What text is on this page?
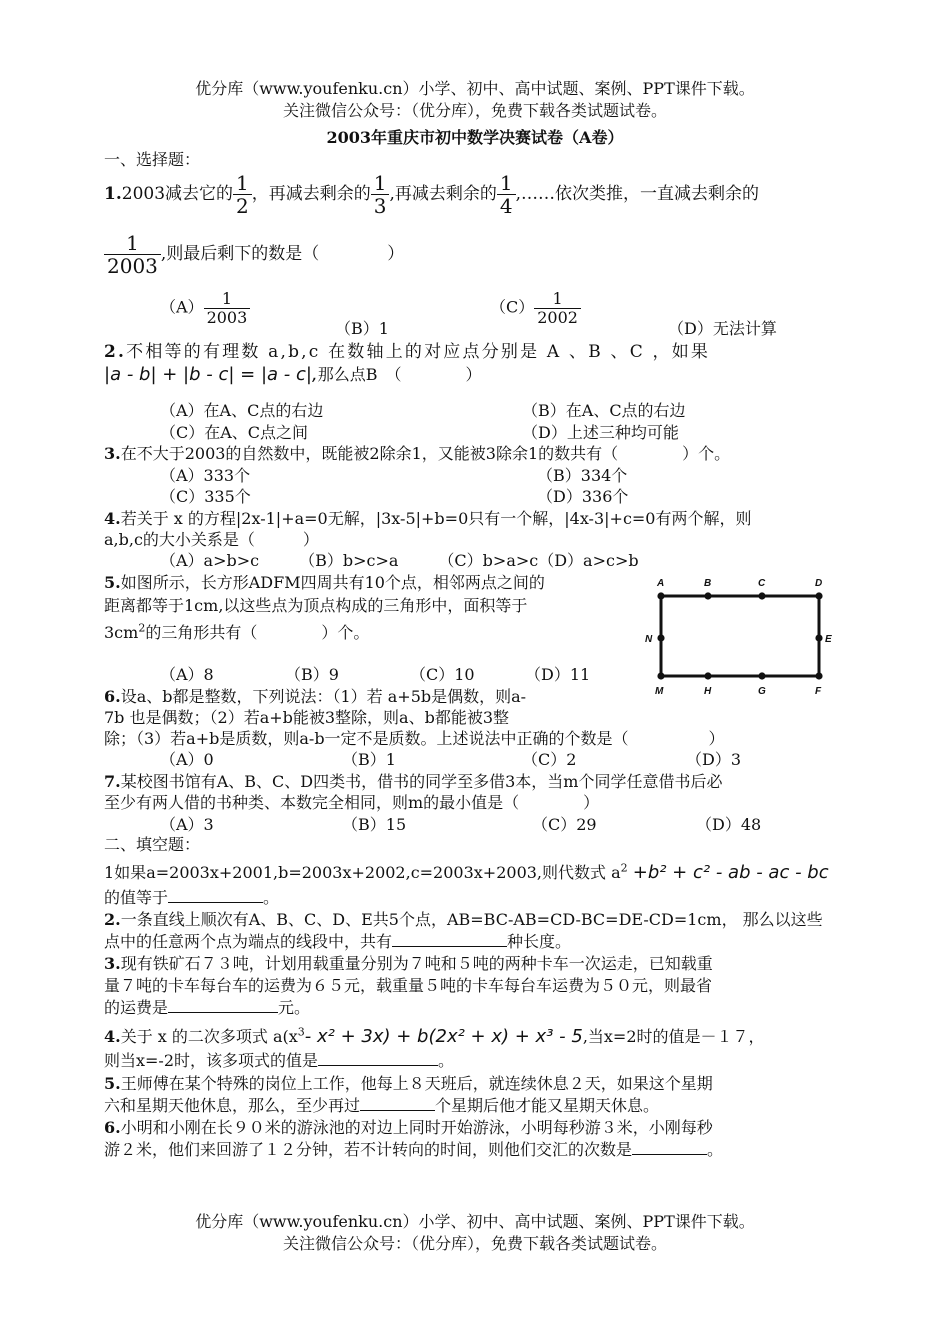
优分库（www.youfenku.cn）小学、初中、高中试题、案例、PPT课件下载。
关注微信公众号：（优分库），免费下载各类试题试卷。
2003年重庆市初中数学决赛试卷（A卷）
一、选择题：
1.2003减去它的 $\frac{1}{2}$ ，再减去剩余的 $\frac{1}{3}$ ,再减去剩余的 $\frac{1}{4}$ ,……依次类推，一直减去剩余的
$\frac{1}{2003}$ ,则最后剩下的数是（　　　　）
$(A) \frac{1}{2003}$
（B）1
$(C) \frac{1}{2002}$
（D）无法计算
2.不相等的有理数 a,b,c 在数轴上的对应点分别是 A 、B 、C ，如果
|a - b| + |b - c| = |a - c|,那么点B　（　　　　）
（A）在A、C点的右边	（B）在A、C点的右边
（C）在A、C点之间	（D）上述三种均可能
3.在不大于2003的自然数中，既能被2除余1，又能被3除余1的数共有（　　　　）个。
（A）333个	（B）334个
（C）335个	（D）336个
4.若关于 x 的方程|2x-1|+a=0无解，|3x-5|+b=0只有一个解，|4x-3|+c=0有两个解，则
a,b,c的大小关系是（　　　）
（A）a>b>c　　　（B）b>c>a　　　（C）b>a>c（D）a>c>b
5.如图所示，长方形ADFM四周共有10个点，相邻两点之间的
距离都等于1cm,以这些点为顶点构成的三角形中，面积等于
$3cm^2$的三角形共有（　　　　）个。
（A）8	（B）9	（C）10	（D）11
A	B	C	D
E
N
M	H	G	F
6.设a、b都是整数，下列说法：（1）若 a+5b是偶数，则a-
7b 也是偶数；（2）若a+b能被3整除，则a、b都能被3整
除；（3）若a+b是质数，则a-b一定不是质数。上述说法中正确的个数是（　　　　　）
（A）0	（B）1	（C）2	（D）3
7.某校图书馆有A、B、C、D四类书，借书的同学至多借3本，当m个同学任意借书后必
至少有两人借的书种类、本数完全相同，则m的最小值是（　　　　）
（A）3	（B）15	（C）29	（D）48
二、填空题：
1如果a=2003x+2001,b=2003x+2002,c=2003x+2003,则代数式 $a^2 +b^2 + c^2$ - ab - ac - bc
的值等于	。
2.一条直线上顺次有A、B、C、D、E共5个点，AB=BC-AB=CD-BC=DE-CD=1cm， 那么以这些
点中的任意两个点为端点的线段中，共有	种长度。
3.现有铁矿石７３吨，计划用载重量分别为７吨和５吨的两种卡车一次运走，已知载重
量７吨的卡车每台车的运费为６５元，载重量５吨的卡车每台车运费为５０元，则最省
的运费是	元。
4.关于 x 的二次多项式 $a(x^3-$ x² + 3x) + b(2x² + x) + x³ - 5,当x=2时的值是－１７，
则当x=-2时，该多项式的值是	。
5.王师傅在某个特殊的岗位上工作，他每上８天班后，就连续休息２天，如果这个星期
六和星期天他休息，那么，至少再过	个星期后他才能又星期天休息。
6.小明和小刚在长９０米的游泳池的对边上同时开始游泳，小明每秒游３米，小刚每秒
游２米，他们来回游了１２分钟，若不计转向的时间，则他们交汇的次数是	。
优分库（www.youfenku.cn）小学、初中、高中试题、案例、PPT课件下载。
关注微信公众号：（优分库），免费下载各类试题试卷。
